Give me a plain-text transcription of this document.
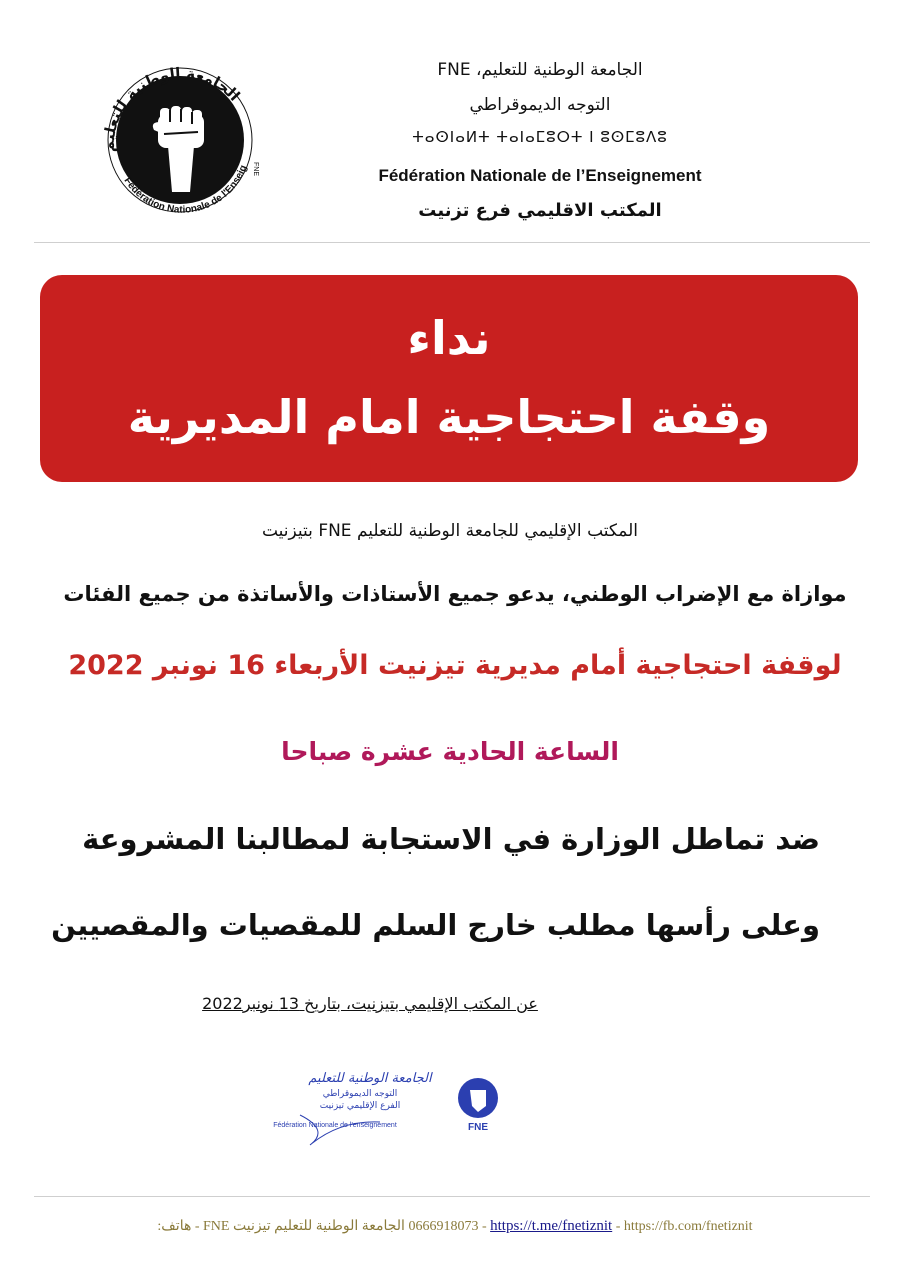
الجامعة الوطنية للتعليم
Fédération Nationale de l'Enseig FNE
الجامعة الوطنية للتعليم، FNE
التوجه الديموقراطي
ⵜⴰⵙⵏⴰⵍⵜ ⵜⴰⵏⴰⵎⵓⵔⵜ ⵏ ⵓⵙⵎⵓⴷⵓ
Fédération Nationale de l’Enseignement
المكتب الاقليمي فرع تزنيت
نداء
وقفة احتجاجية امام المديرية
المكتب الإقليمي للجامعة الوطنية للتعليم FNE بتيزنيت
موازاة مع الإضراب الوطني، يدعو جميع الأستاذات والأساتذة من جميع الفئات
لوقفة احتجاجية أمام مديرية تيزنيت الأربعاء 16 نونبر 2022
الساعة الحادية عشرة صباحا
ضد تماطل الوزارة في الاستجابة لمطالبنا المشروعة
وعلى رأسها مطلب خارج السلم للمقصيات والمقصيين
عن المكتب الإقليمي بتيزنيت، بتاريخ 13 نونبر2022
الجامعة الوطنية للتعليم
التوجه الديموقراطي
الفرع الإقليمي تيزنيت
Fédération Nationale de l'enseignement	FNE
0666918073 الجامعة الوطنية للتعليم تيزنيت FNE - هاتف: - https://t.me/fnetiznit - https://fb.com/fnetiznit
